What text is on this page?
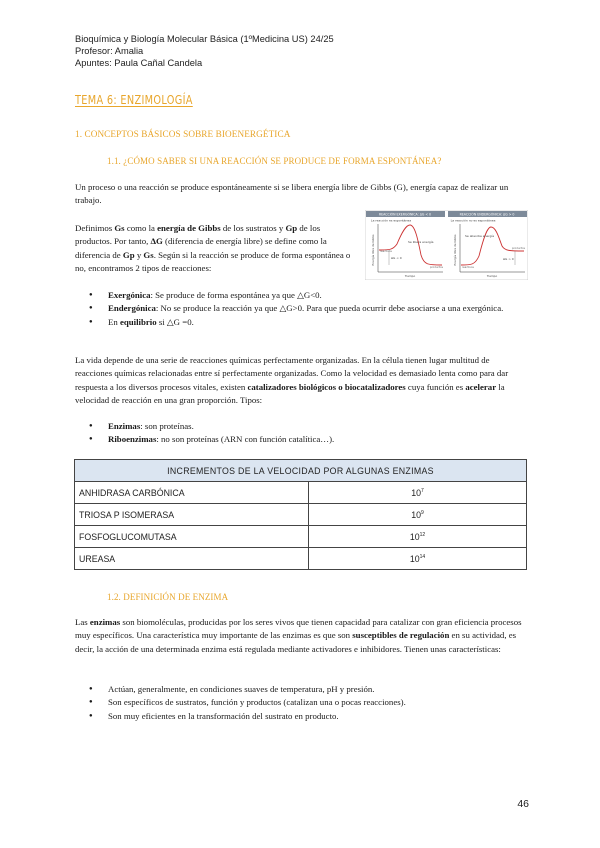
Bioquímica y Biología Molecular Básica (1ºMedicina US) 24/25
Profesor: Amalia
Apuntes: Paula Cañal Candela
TEMA 6: ENZIMOLOGÍA
1. CONCEPTOS BÁSICOS SOBRE BIOENERGÉTICA
1.1. ¿CÓMO SABER SI UNA REACCIÓN SE PRODUCE DE FORMA ESPONTÁNEA?
Un proceso o una reacción se produce espontáneamente si se libera energía libre de Gibbs (G), energía capaz de realizar un trabajo.
Definimos Gs como la energía de Gibbs de los sustratos y Gp de los productos. Por tanto, ΔG (diferencia de energía libre) se define como la diferencia de Gp y Gs. Según si la reacción se produce de forma espontánea o no, encontramos 2 tipos de reacciones:
REACCIÓN EXERGÓNICA: ΔG < 0
La reacción es espontánea
Se libera energía
ΔG < 0
reactivos
productos
Tiempo
Energía libre de Gibbs
REACCIÓN ENDERGÓNICA: ΔG > 0
La reacción no es espontánea
Se absorbe energía
ΔG > 0
reactivos
productos
Tiempo
Energía libre de Gibbs
● Exergónica: Se produce de forma espontánea ya que △G<0.
● Endergónica: No se produce la reacción ya que △G>0. Para que pueda ocurrir debe asociarse a una exergónica.
● En equilibrio si △G =0.
La vida depende de una serie de reacciones químicas perfectamente organizadas. En la célula tienen lugar multitud de reacciones químicas relacionadas entre sí perfectamente organizadas. Como la velocidad es demasiado lenta como para dar respuesta a los diversos procesos vitales, existen catalizadores biológicos o biocatalizadores cuya función es acelerar la velocidad de reacción en una gran proporción. Tipos:
● Enzimas: son proteínas.
● Riboenzimas: no son proteínas (ARN con función catalítica…).
INCREMENTOS DE LA VELOCIDAD POR ALGUNAS ENZIMAS	
ANHIDRASA CARBÓNICA	$10^7$
TRIOSA P ISOMERASA	$10^9$
FOSFOGLUCOMUTASA	$10^{12}$
UREASA	$10^{14}$
1.2. DEFINICIÓN DE ENZIMA
Las enzimas son biomoléculas, producidas por los seres vivos que tienen capacidad para catalizar con gran eficiencia procesos muy específicos. Una característica muy importante de las enzimas es que son susceptibles de regulación en su actividad, es decir, la acción de una determinada enzima está regulada mediante activadores e inhibidores. Tienen unas características:
● Actúan, generalmente, en condiciones suaves de temperatura, pH y presión.
● Son específicos de sustratos, función y productos (catalizan una o pocas reacciones).
● Son muy eficientes en la transformación del sustrato en producto.
46
